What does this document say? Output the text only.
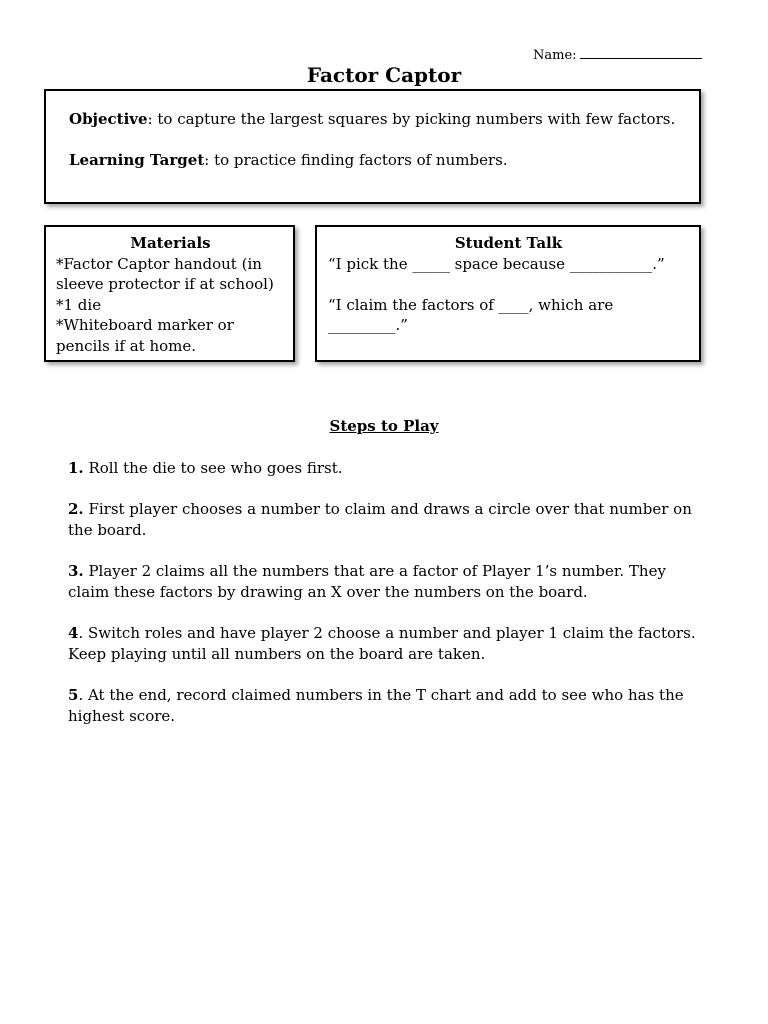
Name:
Factor Captor

Objective: to capture the largest squares by picking numbers with few factors.

Learning Target: to practice finding factors of numbers.

Materials
*Factor Captor handout (in sleeve protector if at school)
*1 die
*Whiteboard marker or pencils if at home.
Student Talk
“I pick the _____ space because ___________.”
“I claim the factors of ____, which are _________.”
Steps to Play

1. Roll the die to see who goes first.

2. First player chooses a number to claim and draws a circle over that number on the board.

3. Player 2 claims all the numbers that are a factor of Player 1’s number. They claim these factors by drawing an X over the numbers on the board.

4. Switch roles and have player 2 choose a number and player 1 claim the factors. Keep playing until all numbers on the board are taken.

5. At the end, record claimed numbers in the T chart and add to see who has the highest score.
